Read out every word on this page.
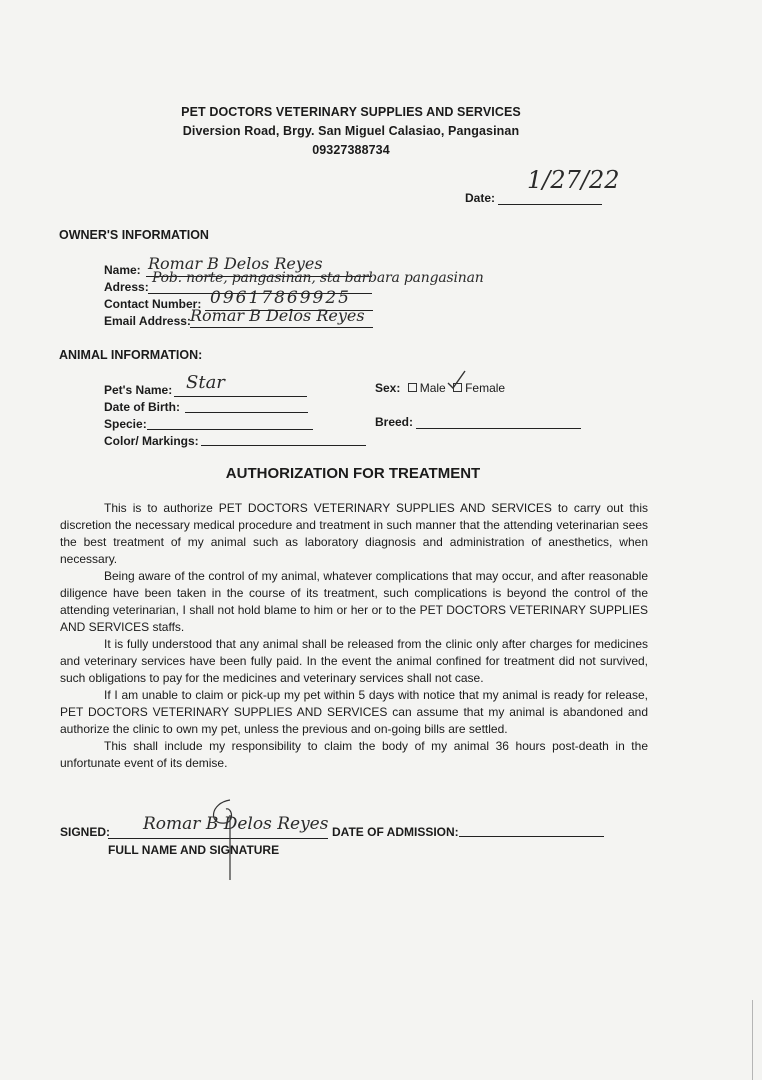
PET DOCTORS VETERINARY SUPPLIES AND SERVICES
Diversion Road, Brgy. San Miguel Calasiao, Pangasinan
09327388734
Date:
1/27/22
OWNER'S INFORMATION
Name: Romar B Delos Reyes
Adress:
Pob. norte, pangasinan, sta barbara pangasinan
Contact Number: 09617869925
Email Address: Romar B Delos Reyes
ANIMAL INFORMATION:
Pet's Name: Star
Date of Birth:
Specie:
Color/ Markings:
Sex: Male Female
Breed:
AUTHORIZATION FOR TREATMENT

This is to authorize PET DOCTORS VETERINARY SUPPLIES AND SERVICES to carry out this discretion the necessary medical procedure and treatment in such manner that the attending veterinarian sees the best treatment of my animal such as laboratory diagnosis and administration of anesthetics, when necessary.

Being aware of the control of my animal, whatever complications that may occur, and after reasonable diligence have been taken in the course of its treatment, such complications is beyond the control of the attending veterinarian, I shall not hold blame to him or her or to the PET DOCTORS VETERINARY SUPPLIES AND SERVICES staffs.

It is fully understood that any animal shall be released from the clinic only after charges for medicines and veterinary services have been fully paid. In the event the animal confined for treatment did not survived, such obligations to pay for the medicines and veterinary services shall not case.

If I am unable to claim or pick-up my pet within 5 days with notice that my animal is ready for release, PET DOCTORS VETERINARY SUPPLIES AND SERVICES can assume that my animal is abandoned and authorize the clinic to own my pet, unless the previous and on-going bills are settled.

This shall include my responsibility to claim the body of my animal 36 hours post-death in the unfortunate event of its demise.

SIGNED: Romar B Delos Reyes
FULL NAME AND SIGNATURE
DATE OF ADMISSION:
